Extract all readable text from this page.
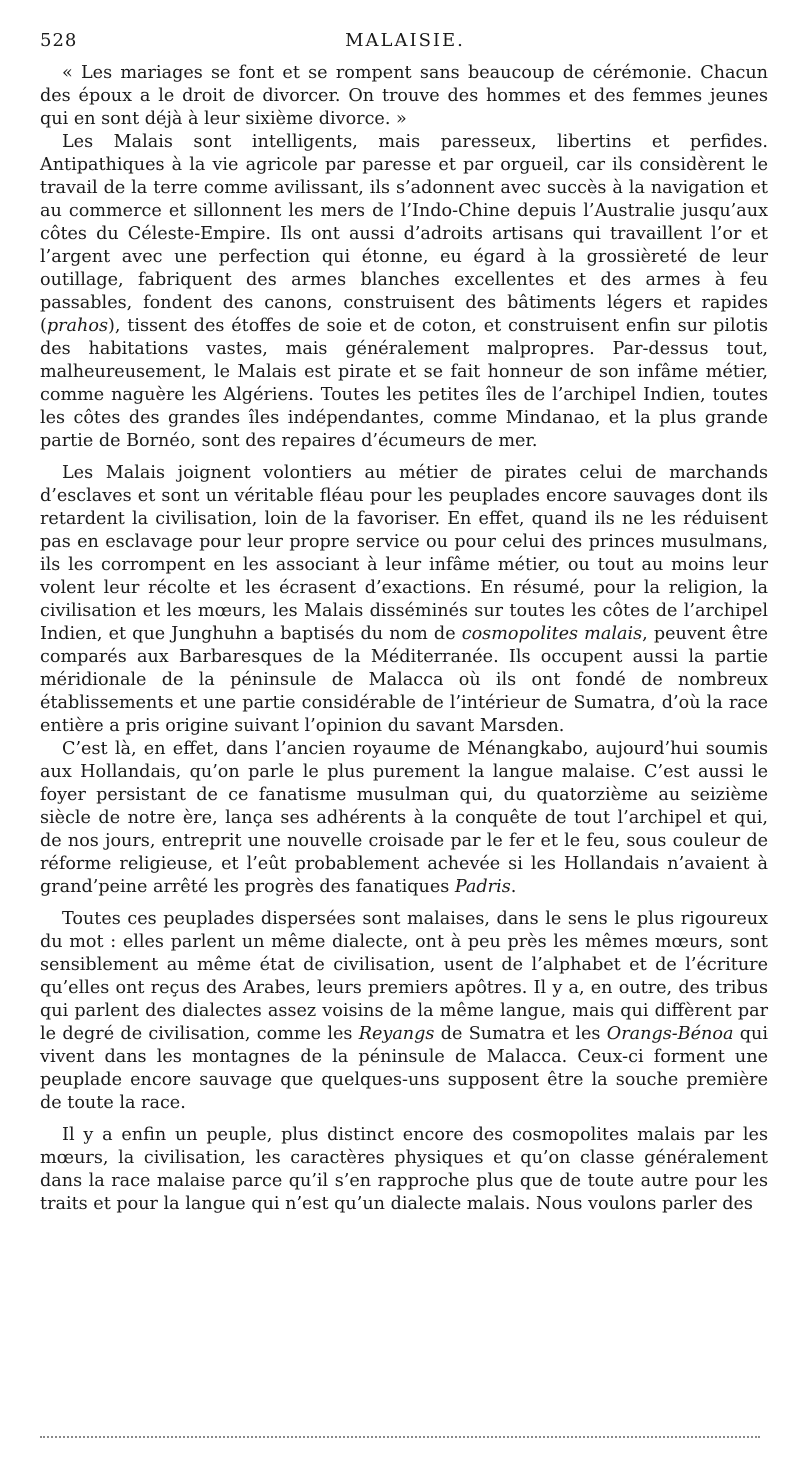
528	MALAISIE.

« Les mariages se font et se rompent sans beaucoup de cérémonie. Chacun des époux a le droit de divorcer. On trouve des hommes et des femmes jeunes qui en sont déjà à leur sixième divorce. »

Les Malais sont intelligents, mais paresseux, libertins et perfides. Antipathiques à la vie agricole par paresse et par orgueil, car ils considèrent le travail de la terre comme avilissant, ils s’adonnent avec succès à la navigation et au commerce et sillonnent les mers de l’Indo-Chine depuis l’Australie jusqu’aux côtes du Céleste-Empire. Ils ont aussi d’adroits artisans qui travaillent l’or et l’argent avec une perfection qui étonne, eu égard à la grossièreté de leur outillage, fabriquent des armes blanches excellentes et des armes à feu passables, fondent des canons, construisent des bâtiments légers et rapides (prahos), tissent des étoffes de soie et de coton, et construisent enfin sur pilotis des habitations vastes, mais généralement malpropres. Par-dessus tout, malheureusement, le Malais est pirate et se fait honneur de son infâme métier, comme naguère les Algériens. Toutes les petites îles de l’archipel Indien, toutes les côtes des grandes îles indépendantes, comme Mindanao, et la plus grande partie de Bornéo, sont des repaires d’écumeurs de mer.

Les Malais joignent volontiers au métier de pirates celui de marchands d’esclaves et sont un véritable fléau pour les peuplades encore sauvages dont ils retardent la civilisation, loin de la favoriser. En effet, quand ils ne les réduisent pas en esclavage pour leur propre service ou pour celui des princes musulmans, ils les corrompent en les associant à leur infâme métier, ou tout au moins leur volent leur récolte et les écrasent d’exactions. En résumé, pour la religion, la civilisation et les mœurs, les Malais disséminés sur toutes les côtes de l’archipel Indien, et que Junghuhn a baptisés du nom de cosmopolites malais, peuvent être comparés aux Barbaresques de la Méditerranée. Ils occupent aussi la partie méridionale de la péninsule de Malacca où ils ont fondé de nombreux établissements et une partie considérable de l’intérieur de Sumatra, d’où la race entière a pris origine suivant l’opinion du savant Marsden.

C’est là, en effet, dans l’ancien royaume de Ménangkabo, aujourd’hui soumis aux Hollandais, qu’on parle le plus purement la langue malaise. C’est aussi le foyer persistant de ce fanatisme musulman qui, du quatorzième au seizième siècle de notre ère, lança ses adhérents à la conquête de tout l’archipel et qui, de nos jours, entreprit une nouvelle croisade par le fer et le feu, sous couleur de réforme religieuse, et l’eût probablement achevée si les Hollandais n’avaient à grand’peine arrêté les progrès des fanatiques Padris.

Toutes ces peuplades dispersées sont malaises, dans le sens le plus rigoureux du mot : elles parlent un même dialecte, ont à peu près les mêmes mœurs, sont sensiblement au même état de civilisation, usent de l’alphabet et de l’écriture qu’elles ont reçus des Arabes, leurs premiers apôtres. Il y a, en outre, des tribus qui parlent des dialectes assez voisins de la même langue, mais qui diffèrent par le degré de civilisation, comme les Reyangs de Sumatra et les Orangs-Bénoa qui vivent dans les montagnes de la péninsule de Malacca. Ceux-ci forment une peuplade encore sauvage que quelques-uns supposent être la souche première de toute la race.

Il y a enfin un peuple, plus distinct encore des cosmopolites malais par les mœurs, la civilisation, les caractères physiques et qu’on classe généralement dans la race malaise parce qu’il s’en rapproche plus que de toute autre pour les traits et pour la langue qui n’est qu’un dialecte malais. Nous voulons parler des
